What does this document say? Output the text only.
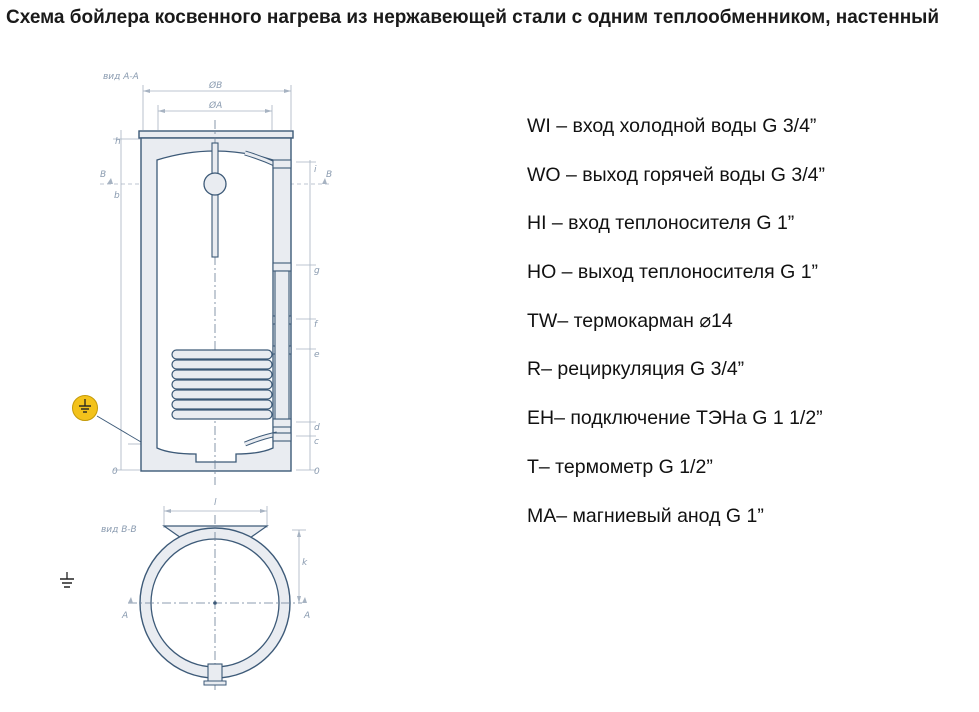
Схема бойлера косвенного нагрева из нержавеющей стали с одним теплообменником, настенный
вид А-А
вид B-B
ØB
ØA
h
B
b
0
i B
g
f
e
d
c
0
l
k
A	A
WI – вход холодной воды G 3/4”
WO – выход горячей воды G 3/4”
HI – вход теплоносителя G 1”
HO – выход теплоносителя G 1”
TW– термокарман ⌀14
R– рециркуляция G 3/4”
EH– подключение ТЭНа G 1 1/2”
T– термометр G 1/2”
MA– магниевый анод G 1”
